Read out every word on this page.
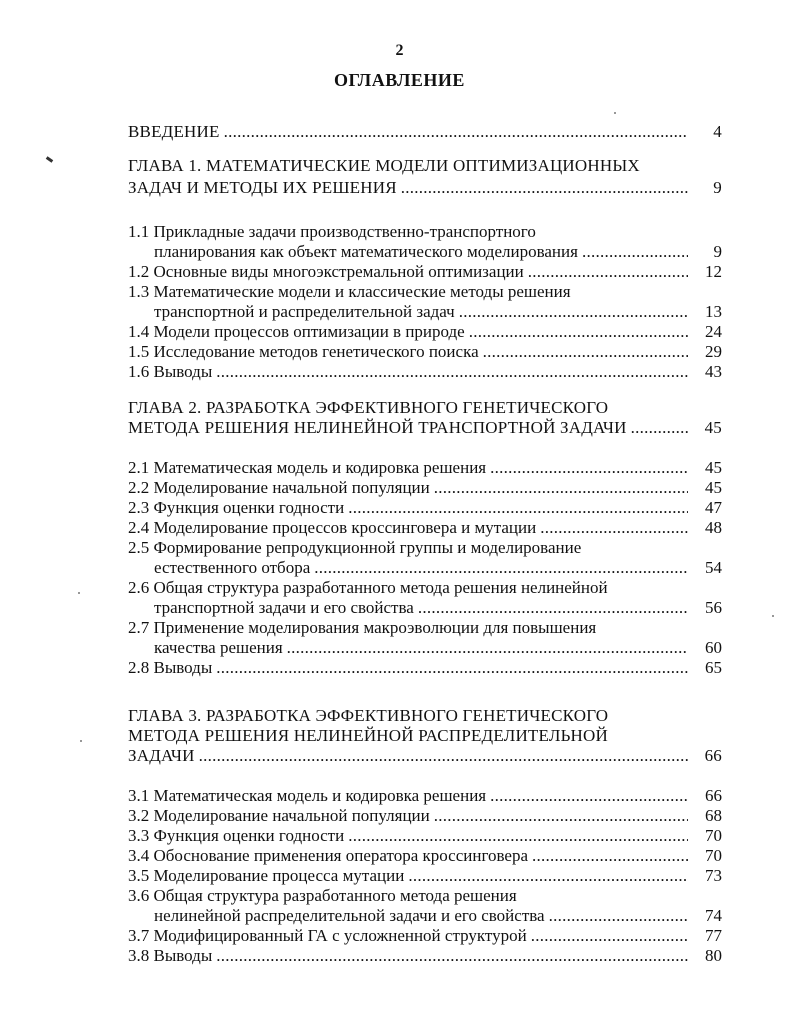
2
ОГЛАВЛЕНИЕ
ВВЕДЕНИЕ . . .	4
ГЛАВА 1. МАТЕМАТИЧЕСКИЕ МОДЕЛИ ОПТИМИЗАЦИОННЫХ
ЗАДАЧ И МЕТОДЫ ИХ РЕШЕНИЯ . . .	9
1.1 Прикладные задачи производственно-транспортного
планирования как объект математического моделирования . . .	9
1.2 Основные виды многоэкстремальной оптимизации . . .	12
1.3 Математические модели и классические методы решения
транспортной и распределительной задач . . .	13
1.4 Модели процессов оптимизации в природе . . .	24
1.5 Исследование методов генетического поиска . . .	29
1.6 Выводы . . .	43
ГЛАВА 2. РАЗРАБОТКА ЭФФЕКТИВНОГО ГЕНЕТИЧЕСКОГО
МЕТОДА РЕШЕНИЯ НЕЛИНЕЙНОЙ ТРАНСПОРТНОЙ ЗАДАЧИ . . .	45
2.1 Математическая модель и кодировка решения . . .	45
2.2 Моделирование начальной популяции . . .	45
2.3 Функция оценки годности . . .	47
2.4 Моделирование процессов кроссинговера и мутации . . .	48
2.5 Формирование репродукционной группы и моделирование
естественного отбора . . .	54
2.6 Общая структура разработанного метода решения нелинейной
транспортной задачи и его свойства . . .	56
2.7 Применение моделирования макроэволюции для повышения
качества решения . . .	60
2.8 Выводы . . .	65
ГЛАВА 3. РАЗРАБОТКА ЭФФЕКТИВНОГО ГЕНЕТИЧЕСКОГО
МЕТОДА РЕШЕНИЯ НЕЛИНЕЙНОЙ РАСПРЕДЕЛИТЕЛЬНОЙ
ЗАДАЧИ . . .	66
3.1 Математическая модель и кодировка решения . . .	66
3.2 Моделирование начальной популяции . . .	68
3.3 Функция оценки годности . . .	70
3.4 Обоснование применения оператора кроссинговера . . .	70
3.5 Моделирование процесса мутации . . .	73
3.6 Общая структура разработанного метода решения
нелинейной распределительной задачи и его свойства . . .	74
3.7 Модифицированный ГА с усложненной структурой . . .	77
3.8 Выводы . . .	80
